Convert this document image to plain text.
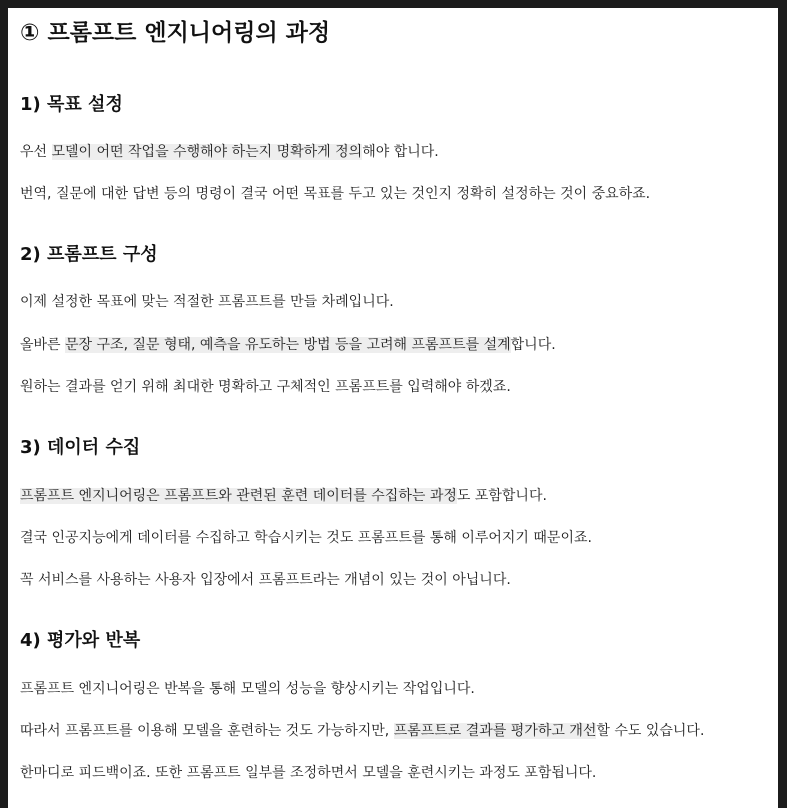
① 프롬프트 엔지니어링의 과정
1) 목표 설정

우선 모델이 어떤 작업을 수행해야 하는지 명확하게 정의해야 합니다.

번역, 질문에 대한 답변 등의 명령이 결국 어떤 목표를 두고 있는 것인지 정확히 설정하는 것이 중요하죠.

2) 프롬프트 구성

이제 설정한 목표에 맞는 적절한 프롬프트를 만들 차례입니다.

올바른 문장 구조, 질문 형태, 예측을 유도하는 방법 등을 고려해 프롬프트를 설계합니다.

원하는 결과를 얻기 위해 최대한 명확하고 구체적인 프롬프트를 입력해야 하겠죠.

3) 데이터 수집

프롬프트 엔지니어링은 프롬프트와 관련된 훈련 데이터를 수집하는 과정도 포함합니다.

결국 인공지능에게 데이터를 수집하고 학습시키는 것도 프롬프트를 통해 이루어지기 때문이죠.

꼭 서비스를 사용하는 사용자 입장에서 프롬프트라는 개념이 있는 것이 아닙니다.

4) 평가와 반복

프롬프트 엔지니어링은 반복을 통해 모델의 성능을 향상시키는 작업입니다.

따라서 프롬프트를 이용해 모델을 훈련하는 것도 가능하지만, 프롬프트로 결과를 평가하고 개선할 수도 있습니다.

한마디로 피드백이죠. 또한 프롬프트 일부를 조정하면서 모델을 훈련시키는 과정도 포함됩니다.
